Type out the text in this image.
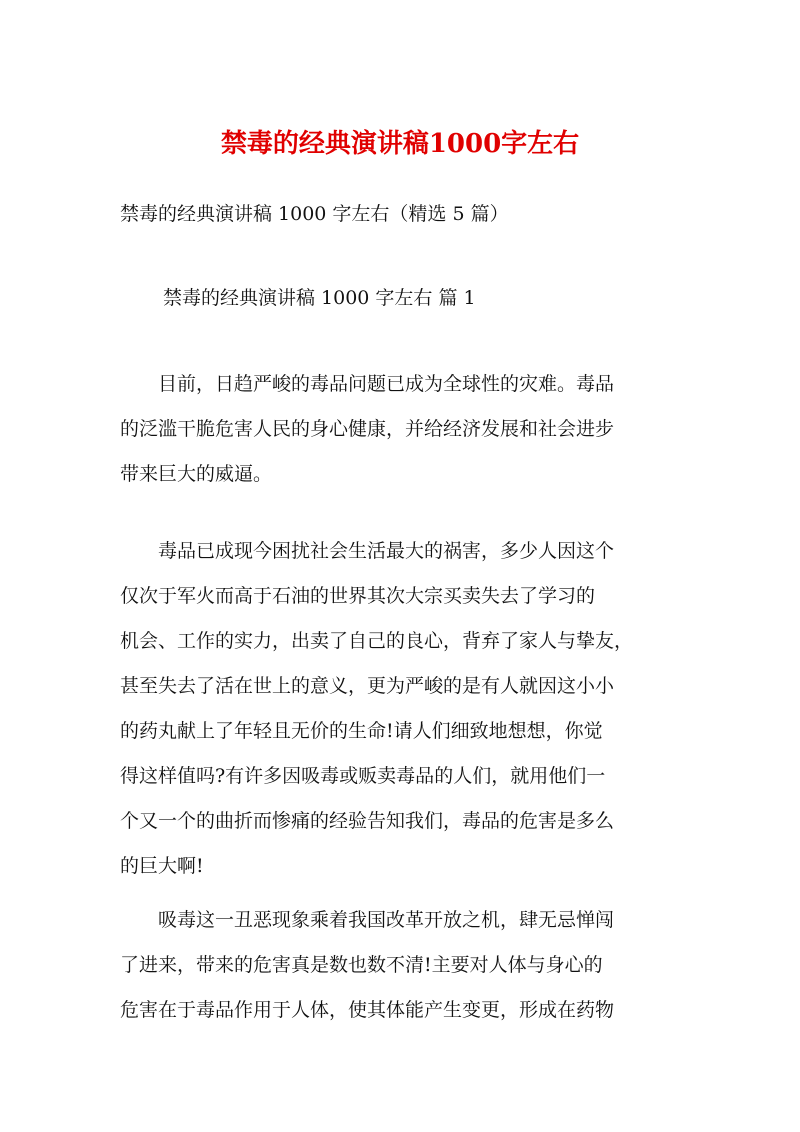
禁毒的经典演讲稿1000字左右
禁毒的经典演讲稿 1000 字左右（精选 5 篇）
禁毒的经典演讲稿 1000 字左右 篇 1
　　目前，日趋严峻的毒品问题已成为全球性的灾难。毒品
的泛滥干脆危害人民的身心健康，并给经济发展和社会进步
带来巨大的威逼。
　　毒品已成现今困扰社会生活最大的祸害，多少人因这个
仅次于军火而高于石油的世界其次大宗买卖失去了学习的
机会、工作的实力，出卖了自己的良心，背弃了家人与挚友，
甚至失去了活在世上的意义，更为严峻的是有人就因这小小
的药丸献上了年轻且无价的生命!请人们细致地想想，你觉
得这样值吗?有许多因吸毒或贩卖毒品的人们，就用他们一
个又一个的曲折而惨痛的经验告知我们，毒品的危害是多么
的巨大啊!
　　吸毒这一丑恶现象乘着我国改革开放之机，肆无忌惮闯
了进来，带来的危害真是数也数不清!主要对人体与身心的
危害在于毒品作用于人体，使其体能产生变更，形成在药物
